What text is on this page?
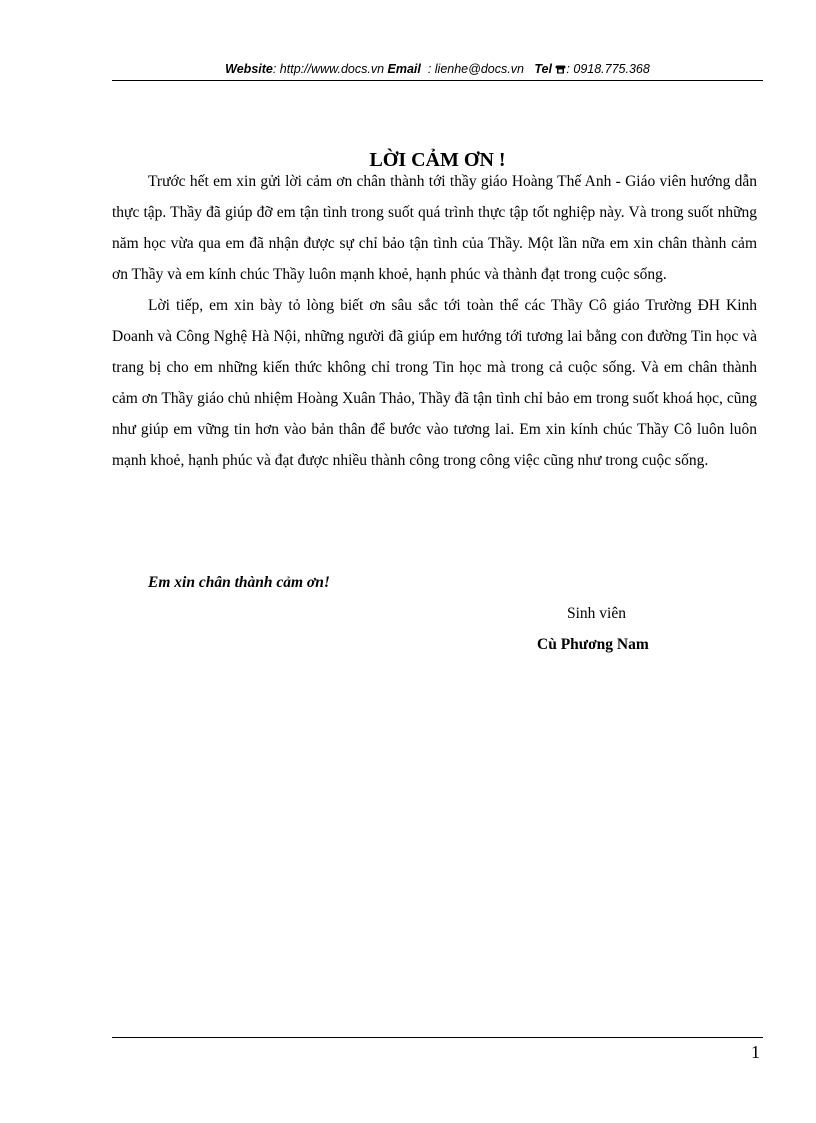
Website: http://www.docs.vn Email : lienhe@docs.vn Tel : 0918.775.368
LỜI CẢM ƠN !

Trước hết em xin gửi lời cảm ơn chân thành tới thầy giáo Hoàng Thế Anh - Giáo viên hướng dẫn thực tập. Thầy đã giúp đỡ em tận tình trong suốt quá trình thực tập tốt nghiệp này. Và trong suốt những năm học vừa qua em đã nhận được sự chỉ bảo tận tình của Thầy. Một lần nữa em xin chân thành cảm ơn Thầy và em kính chúc Thầy luôn mạnh khoẻ, hạnh phúc và thành đạt trong cuộc sống.

Lời tiếp, em xin bày tỏ lòng biết ơn sâu sắc tới toàn thể các Thầy Cô giáo Trường ĐH Kinh Doanh và Công Nghệ Hà Nội, những người đã giúp em hướng tới tương lai bằng con đường Tin học và trang bị cho em những kiến thức không chỉ trong Tin học mà trong cả cuộc sống. Và em chân thành cảm ơn Thầy giáo chủ nhiệm Hoàng Xuân Thảo, Thầy đã tận tình chỉ bảo em trong suốt khoá học, cũng như giúp em vững tin hơn vào bản thân để bước vào tương lai. Em xin kính chúc Thầy Cô luôn luôn mạnh khoẻ, hạnh phúc và đạt được nhiều thành công trong công việc cũng như trong cuộc sống.

Em xin chân thành cảm ơn!
Sinh viên
Cù Phương Nam
1
